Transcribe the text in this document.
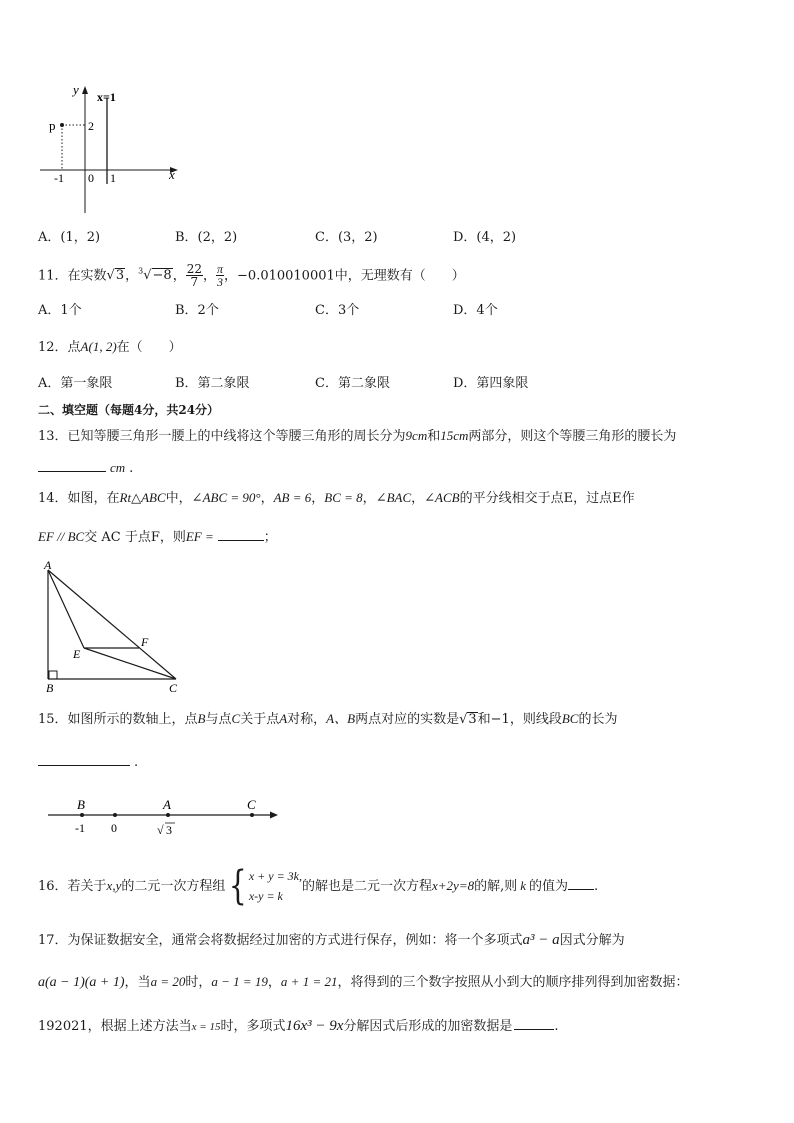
y x=1
p	2
-1 0 1	x
A．(1，2)	B．(2，2)	C．(3，2)	D．(4，2)
11．在实数√3，$^3$√−8， $\frac{22}{7}$ ， $\frac{\pi}{3}$ ，−0.010010001中，无理数有（　　）
A．1个	B．2个	C．3个	D．4个
12．点A(1, 2)在（　　）
A．第一象限	B．第二象限	C．第二象限	D．第四象限
二、填空题（每题4分，共24分）
13．已知等腰三角形一腰上的中线将这个等腰三角形的周长分为9cm和15cm两部分，则这个等腰三角形的腰长为
cm .
14．如图，在Rt△ABC中，∠ABC = 90°，AB = 6，BC = 8，∠BAC，∠ACB的平分线相交于点E，过点E作
EF // BC交 AC 于点F，则EF =	；
A
B	C
E
F
15．如图所示的数轴上，点B与点C关于点A对称，A、B两点对应的实数是√3和−1，则线段BC的长为
.
B	A	C
-1 0	√ 3
16．若关于x,y的二元一次方程组{ x + y = 3k,
x-y = k
的解也是二元一次方程x+2y=8的解,则 k 的值为 .
17．为保证数据安全，通常会将数据经过加密的方式进行保存，例如：将一个多项式a³ − a因式分解为
a(a − 1)(a + 1)，当a = 20时，a − 1 = 19，a + 1 = 21，将得到的三个数字按照从小到大的顺序排列得到加密数据：
192021，根据上述方法当x = 15时，多项式16x³ − 9x分解因式后形成的加密数据是	.
